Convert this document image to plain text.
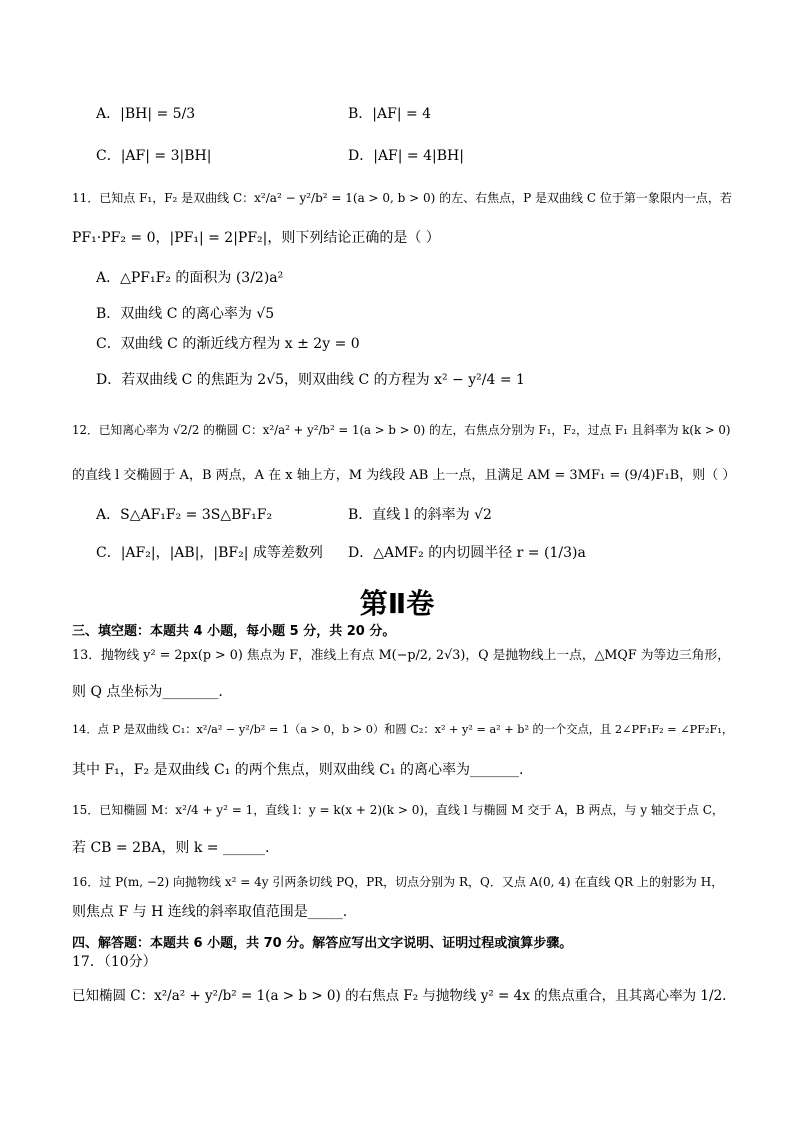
A．|BH| = 5/3	B．|AF| = 4
C．|AF| = 3|BH|	D．|AF| = 4|BH|
11．已知点 F₁，F₂ 是双曲线 C：x²/a² − y²/b² = 1(a > 0, b > 0) 的左、右焦点，P 是双曲线 C 位于第一象限内一点，若
PF₁·PF₂ = 0，|PF₁| = 2|PF₂|，则下列结论正确的是（ ）
A．△PF₁F₂ 的面积为 (3/2)a²
B．双曲线 C 的离心率为 √5
C．双曲线 C 的渐近线方程为 x ± 2y = 0
D．若双曲线 C 的焦距为 2√5，则双曲线 C 的方程为 x² − y²/4 = 1
12．已知离心率为 √2/2 的椭圆 C：x²/a² + y²/b² = 1(a > b > 0) 的左，右焦点分别为 F₁，F₂，过点 F₁ 且斜率为 k(k > 0)
的直线 l 交椭圆于 A，B 两点，A 在 x 轴上方，M 为线段 AB 上一点，且满足 AM = 3MF₁ = (9/4)F₁B，则（ ）
A．S△AF₁F₂ = 3S△BF₁F₂	B．直线 l 的斜率为 √2
C．|AF₂|，|AB|，|BF₂| 成等差数列 D．△AMF₂ 的内切圆半径 r = (1/3)a
第Ⅱ卷
三、填空题：本题共 4 小题，每小题 5 分，共 20 分。
13．抛物线 y² = 2px(p > 0) 焦点为 F，准线上有点 M(−p/2, 2√3)，Q 是抛物线上一点，△MQF 为等边三角形，
则 Q 点坐标为________.
14．点 P 是双曲线 C₁：x²/a² − y²/b² = 1（a > 0，b > 0）和圆 C₂：x² + y² = a² + b² 的一个交点，且 2∠PF₁F₂ = ∠PF₂F₁，
其中 F₁，F₂ 是双曲线 C₁ 的两个焦点，则双曲线 C₁ 的离心率为_______.
15．已知椭圆 M：x²/4 + y² = 1，直线 l：y = k(x + 2)(k > 0)，直线 l 与椭圆 M 交于 A，B 两点，与 y 轴交于点 C，
若 CB = 2BA，则 k = ______.
16．过 P(m, −2) 向抛物线 x² = 4y 引两条切线 PQ，PR，切点分别为 R，Q．又点 A(0, 4) 在直线 QR 上的射影为 H，
则焦点 F 与 H 连线的斜率取值范围是_____.
四、解答题：本题共 6 小题，共 70 分。解答应写出文字说明、证明过程或演算步骤。
17．（10分）
已知椭圆 C：x²/a² + y²/b² = 1(a > b > 0) 的右焦点 F₂ 与抛物线 y² = 4x 的焦点重合，且其离心率为 1/2.
